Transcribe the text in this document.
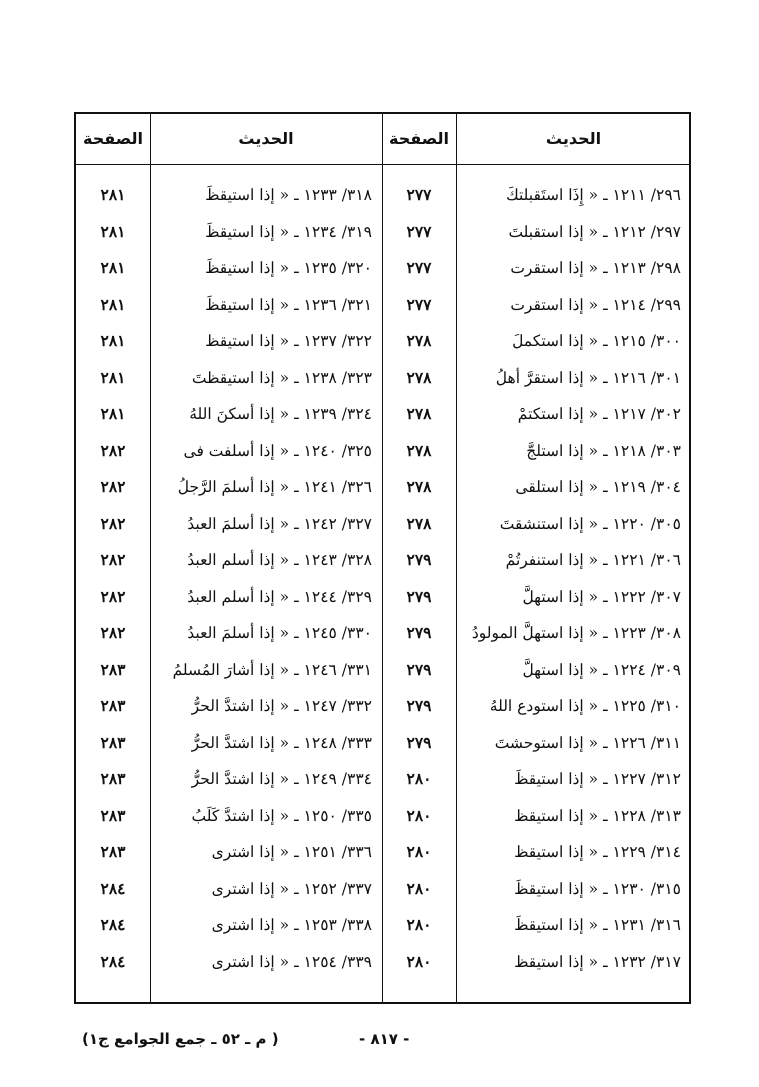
الحديث
الصفحة
الحديث
الصفحة
٢٩٦/ ١٢١١ ـ « إِذَا استَقبلتكَ
٢٧٧
٣١٨/ ١٢٣٣ ـ « إذا استيقظَ
٢٨١
٢٩٧/ ١٢١٢ ـ « إذا استقبلتَ
٢٧٧
٣١٩/ ١٢٣٤ ـ « إذا استيقظَ
٢٨١
٢٩٨/ ١٢١٣ ـ « إذا استقرت
٢٧٧
٣٢٠/ ١٢٣٥ ـ « إذا استيقظَ
٢٨١
٢٩٩/ ١٢١٤ ـ « إذا استقرت
٢٧٧
٣٢١/ ١٢٣٦ ـ « إذا استيقظَ
٢٨١
٣٠٠/ ١٢١٥ ـ « إذا استكملَ
٢٧٨
٣٢٢/ ١٢٣٧ ـ « إذا استيقظ
٢٨١
٣٠١/ ١٢١٦ ـ « إذا استقرَّ أهلُ
٢٧٨
٣٢٣/ ١٢٣٨ ـ « إذا استيقظتَ
٢٨١
٣٠٢/ ١٢١٧ ـ « إذا استكتمْ
٢٧٨
٣٢٤/ ١٢٣٩ ـ « إذا أسكنَ اللهُ
٢٨١
٣٠٣/ ١٢١٨ ـ « إذا استلجَّ
٢٧٨
٣٢٥/ ١٢٤٠ ـ « إذا أسلفت فى
٢٨٢
٣٠٤/ ١٢١٩ ـ « إذا استلقى
٢٧٨
٣٢٦/ ١٢٤١ ـ « إذا أسلمَ الرَّجلُ
٢٨٢
٣٠٥/ ١٢٢٠ ـ « إذا استنشقتَ
٢٧٨
٣٢٧/ ١٢٤٢ ـ « إذا أسلمَ العبدُ
٢٨٢
٣٠٦/ ١٢٢١ ـ « إذا استنفرتُمْ
٢٧٩
٣٢٨/ ١٢٤٣ ـ « إذا أسلم العبدُ
٢٨٢
٣٠٧/ ١٢٢٢ ـ « إذا استهلَّ
٢٧٩
٣٢٩/ ١٢٤٤ ـ « إذا أسلم العبدُ
٢٨٢
٣٠٨/ ١٢٢٣ ـ « إذا استهلَّ المولودُ
٢٧٩
٣٣٠/ ١٢٤٥ ـ « إذا أسلمَ العبدُ
٢٨٢
٣٠٩/ ١٢٢٤ ـ « إذا استهلَّ
٢٧٩
٣٣١/ ١٢٤٦ ـ « إذا أشارَ المُسلمُ
٢٨٣
٣١٠/ ١٢٢٥ ـ « إذا استودع اللهُ
٢٧٩
٣٣٢/ ١٢٤٧ ـ « إذا اشتدَّ الحرُّ
٢٨٣
٣١١/ ١٢٢٦ ـ « إذا استوحشتَ
٢٧٩
٣٣٣/ ١٢٤٨ ـ « إذا اشتدَّ الحرُّ
٢٨٣
٣١٢/ ١٢٢٧ ـ « إذا استيقظَ
٢٨٠
٣٣٤/ ١٢٤٩ ـ « إذا اشتدَّ الحرُّ
٢٨٣
٣١٣/ ١٢٢٨ ـ « إذا استيقظ
٢٨٠
٣٣٥/ ١٢٥٠ ـ « إذا اشتدَّ كَلَبُ
٢٨٣
٣١٤/ ١٢٢٩ ـ « إذا استيقظ
٢٨٠
٣٣٦/ ١٢٥١ ـ « إذا اشترى
٢٨٣
٣١٥/ ١٢٣٠ ـ « إذا استيقظَ
٢٨٠
٣٣٧/ ١٢٥٢ ـ « إذا اشترى
٢٨٤
٣١٦/ ١٢٣١ ـ « إذا استيقظَ
٢٨٠
٣٣٨/ ١٢٥٣ ـ « إذا اشترى
٢٨٤
٣١٧/ ١٢٣٢ ـ « إذا استيقظ
٢٨٠
٣٣٩/ ١٢٥٤ ـ « إذا اشترى
٢٨٤
- ٨١٧ -
( م ـ ٥٢ ـ جمع الجوامع ج١)
